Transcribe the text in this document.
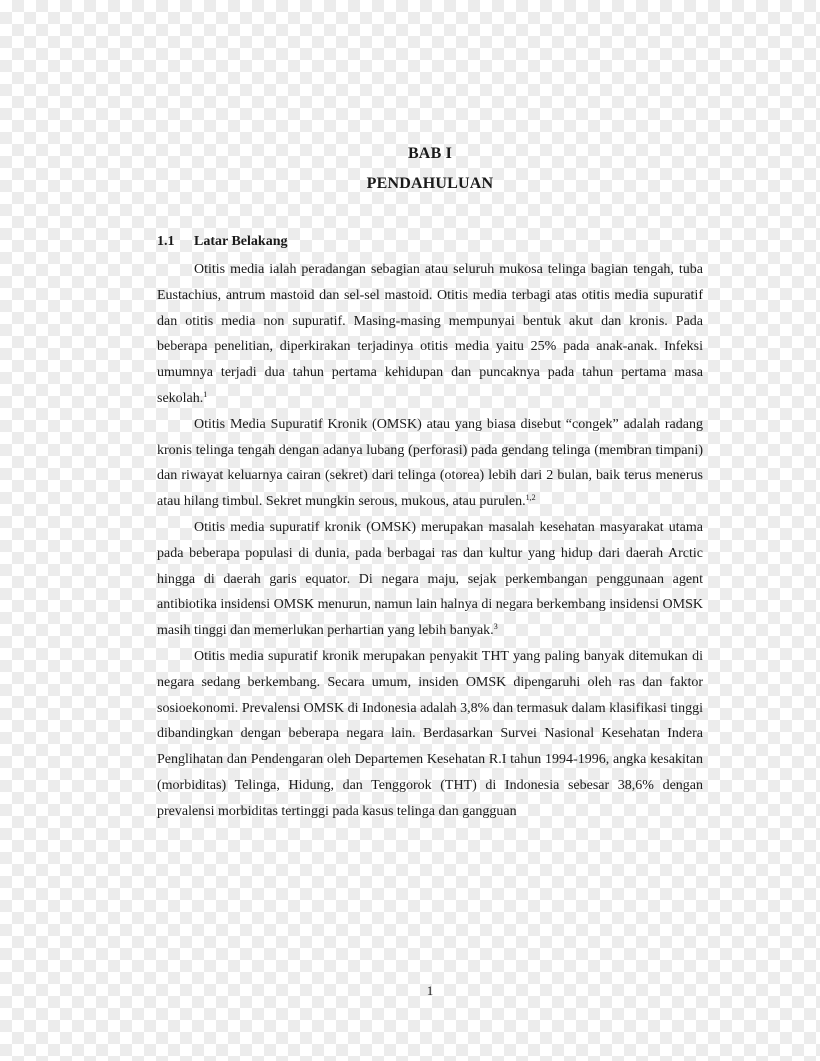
BAB I
PENDAHULUAN
1.1 Latar Belakang

Otitis media ialah peradangan sebagian atau seluruh mukosa telinga bagian tengah, tuba Eustachius, antrum mastoid dan sel-sel mastoid. Otitis media terbagi atas otitis media supuratif dan otitis media non supuratif. Masing-masing mempunyai bentuk akut dan kronis. Pada beberapa penelitian, diperkirakan terjadinya otitis media yaitu 25% pada anak-anak. Infeksi umumnya terjadi dua tahun pertama kehidupan dan puncaknya pada tahun pertama masa sekolah.$^1$

Otitis Media Supuratif Kronik (OMSK) atau yang biasa disebut “congek” adalah radang kronis telinga tengah dengan adanya lubang (perforasi) pada gendang telinga (membran timpani) dan riwayat keluarnya cairan (sekret) dari telinga (otorea) lebih dari 2 bulan, baik terus menerus atau hilang timbul. Sekret mungkin serous, mukous, atau purulen.$^{1,2}$

Otitis media supuratif kronik (OMSK) merupakan masalah kesehatan masyarakat utama pada beberapa populasi di dunia, pada berbagai ras dan kultur yang hidup dari daerah Arctic hingga di daerah garis equator. Di negara maju, sejak perkembangan penggunaan agent antibiotika insidensi OMSK menurun, namun lain halnya di negara berkembang insidensi OMSK masih tinggi dan memerlukan perhartian yang lebih banyak.$^3$

Otitis media supuratif kronik merupakan penyakit THT yang paling banyak ditemukan di negara sedang berkembang. Secara umum, insiden OMSK dipengaruhi oleh ras dan faktor sosioekonomi. Prevalensi OMSK di Indonesia adalah 3,8% dan termasuk dalam klasifikasi tinggi dibandingkan dengan beberapa negara lain. Berdasarkan Survei Nasional Kesehatan Indera Penglihatan dan Pendengaran oleh Departemen Kesehatan R.I tahun 1994-1996, angka kesakitan (morbiditas) Telinga, Hidung, dan Tenggorok (THT) di Indonesia sebesar 38,6% dengan prevalensi morbiditas tertinggi pada kasus telinga dan gangguan

1
